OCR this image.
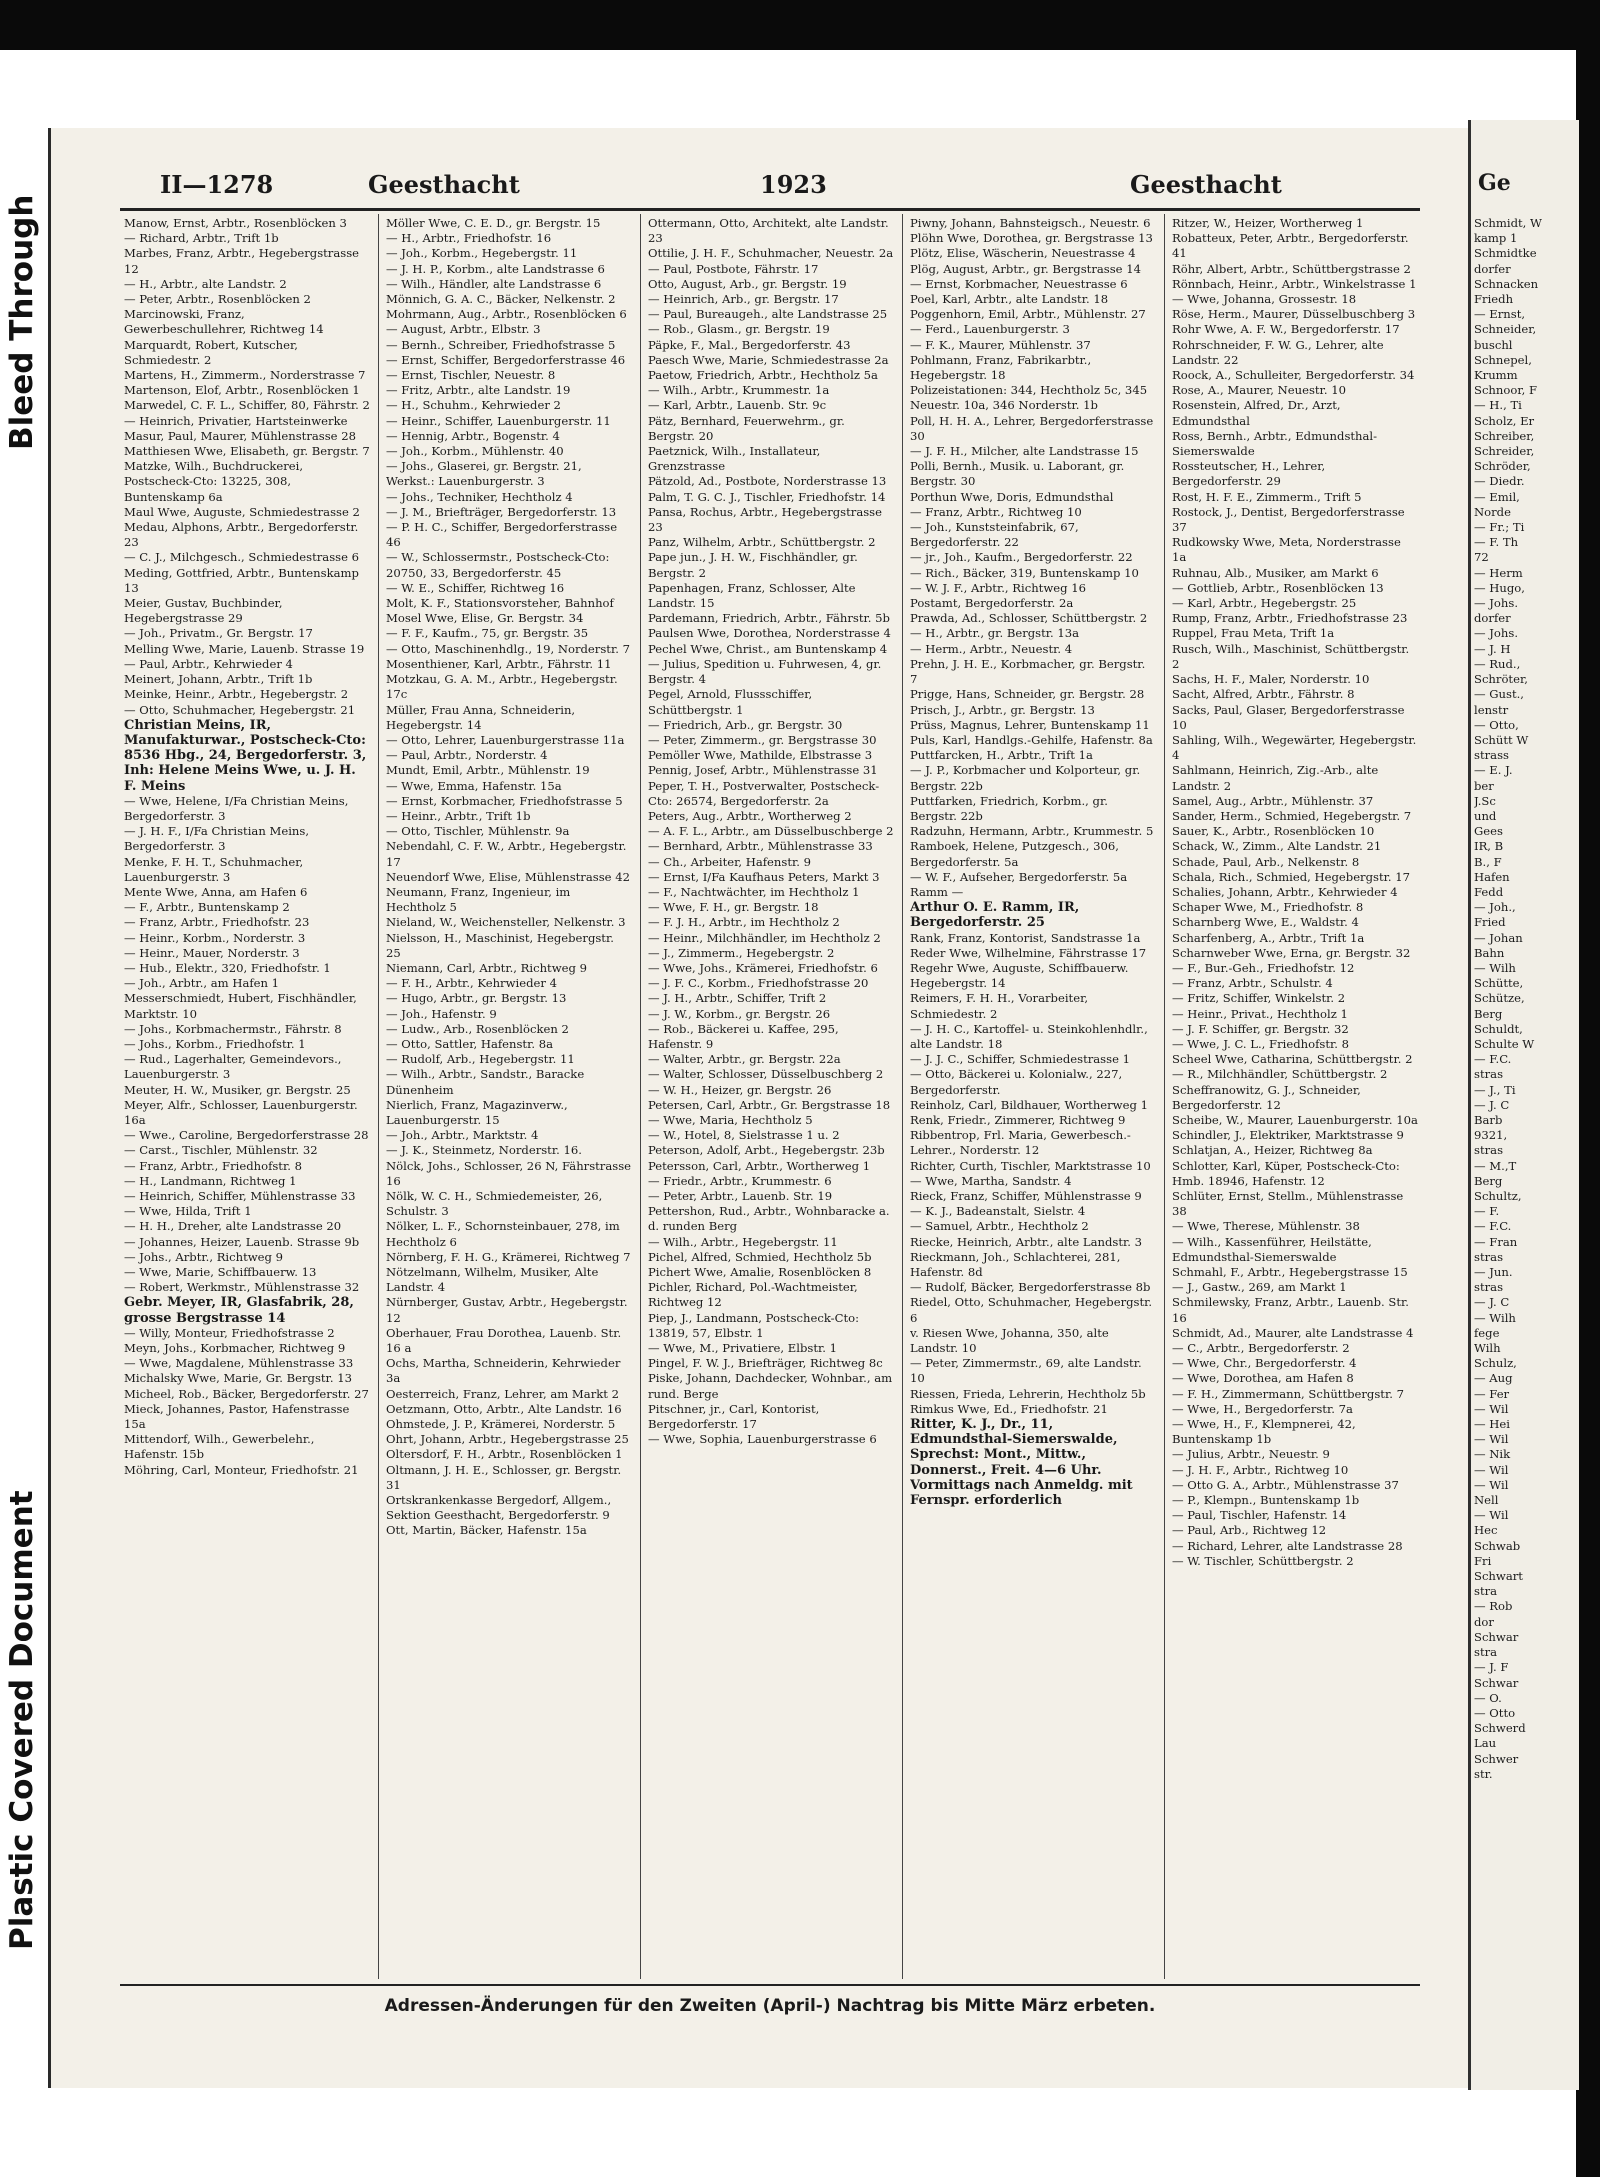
Bleed Through
Plastic Covered Document
II—1278	Geesthacht	1923	Geesthacht	Ge

Manow, Ernst, Arbtr., Rosenblöcken 3

— Richard, Arbtr., Trift 1b

Marbes, Franz, Arbtr., Hegebergstrasse 12

— H., Arbtr., alte Landstr. 2

— Peter, Arbtr., Rosenblöcken 2

Marcinowski, Franz, Gewerbeschullehrer, Richtweg 14

Marquardt, Robert, Kutscher, Schmiedestr. 2

Martens, H., Zimmerm., Norderstrasse 7

Martenson, Elof, Arbtr., Rosenblöcken 1

Marwedel, C. F. L., Schiffer, 80, Fährstr. 2

— Heinrich, Privatier, Hartsteinwerke

Masur, Paul, Maurer, Mühlenstrasse 28

Matthiesen Wwe, Elisabeth, gr. Bergstr. 7

Matzke, Wilh., Buchdruckerei, Postscheck-Cto: 13225, 308, Buntenskamp 6a

Maul Wwe, Auguste, Schmiedestrasse 2

Medau, Alphons, Arbtr., Bergedorferstr. 23

— C. J., Milchgesch., Schmiedestrasse 6

Meding, Gottfried, Arbtr., Buntenskamp 13

Meier, Gustav, Buchbinder, Hegebergstrasse 29

— Joh., Privatm., Gr. Bergstr. 17

Melling Wwe, Marie, Lauenb. Strasse 19

— Paul, Arbtr., Kehrwieder 4

Meinert, Johann, Arbtr., Trift 1b

Meinke, Heinr., Arbtr., Hegebergstr. 2

— Otto, Schuhmacher, Hegebergstr. 21

Christian Meins, IR, Manufakturwar., Postscheck-Cto: 8536 Hbg., 24, Bergedorferstr. 3, Inh: Helene Meins Wwe, u. J. H. F. Meins

— Wwe, Helene, I/Fa Christian Meins, Bergedorferstr. 3

— J. H. F., I/Fa Christian Meins, Bergedorferstr. 3

Menke, F. H. T., Schuhmacher, Lauenburgerstr. 3

Mente Wwe, Anna, am Hafen 6

— F., Arbtr., Buntenskamp 2

— Franz, Arbtr., Friedhofstr. 23

— Heinr., Korbm., Norderstr. 3

— Heinr., Mauer, Norderstr. 3

— Hub., Elektr., 320, Friedhofstr. 1

— Joh., Arbtr., am Hafen 1

Messerschmiedt, Hubert, Fischhändler, Marktstr. 10

— Johs., Korbmachermstr., Fährstr. 8

— Johs., Korbm., Friedhofstr. 1

— Rud., Lagerhalter, Gemeindevors., Lauenburgerstr. 3

Meuter, H. W., Musiker, gr. Bergstr. 25

Meyer, Alfr., Schlosser, Lauenburgerstr. 16a

— Wwe., Caroline, Bergedorferstrasse 28

— Carst., Tischler, Mühlenstr. 32

— Franz, Arbtr., Friedhofstr. 8

— H., Landmann, Richtweg 1

— Heinrich, Schiffer, Mühlenstrasse 33

— Wwe, Hilda, Trift 1

— H. H., Dreher, alte Landstrasse 20

— Johannes, Heizer, Lauenb. Strasse 9b

— Johs., Arbtr., Richtweg 9

— Wwe, Marie, Schiffbauerw. 13

— Robert, Werkmstr., Mühlenstrasse 32

Gebr. Meyer, IR, Glasfabrik, 28, grosse Bergstrasse 14

— Willy, Monteur, Friedhofstrasse 2

Meyn, Johs., Korbmacher, Richtweg 9

— Wwe, Magdalene, Mühlenstrasse 33

Michalsky Wwe, Marie, Gr. Bergstr. 13

Micheel, Rob., Bäcker, Bergedorferstr. 27

Mieck, Johannes, Pastor, Hafenstrasse 15a

Mittendorf, Wilh., Gewerbelehr., Hafenstr. 15b

Möhring, Carl, Monteur, Friedhofstr. 21

Möller Wwe, C. E. D., gr. Bergstr. 15

— H., Arbtr., Friedhofstr. 16

— Joh., Korbm., Hegebergstr. 11

— J. H. P., Korbm., alte Landstrasse 6

— Wilh., Händler, alte Landstrasse 6

Mönnich, G. A. C., Bäcker, Nelkenstr. 2

Mohrmann, Aug., Arbtr., Rosenblöcken 6

— August, Arbtr., Elbstr. 3

— Bernh., Schreiber, Friedhofstrasse 5

— Ernst, Schiffer, Bergedorferstrasse 46

— Ernst, Tischler, Neuestr. 8

— Fritz, Arbtr., alte Landstr. 19

— H., Schuhm., Kehrwieder 2

— Heinr., Schiffer, Lauenburgerstr. 11

— Hennig, Arbtr., Bogenstr. 4

— Joh., Korbm., Mühlenstr. 40

— Johs., Glaserei, gr. Bergstr. 21, Werkst.: Lauenburgerstr. 3

— Johs., Techniker, Hechtholz 4

— J. M., Briefträger, Bergedorferstr. 13

— P. H. C., Schiffer, Bergedorferstrasse 46

— W., Schlossermstr., Postscheck-Cto: 20750, 33, Bergedorferstr. 45

— W. E., Schiffer, Richtweg 16

Molt, K. F., Stationsvorsteher, Bahnhof

Mosel Wwe, Elise, Gr. Bergstr. 34

— F. F., Kaufm., 75, gr. Bergstr. 35

— Otto, Maschinenhdlg., 19, Norderstr. 7

Mosenthiener, Karl, Arbtr., Fährstr. 11

Motzkau, G. A. M., Arbtr., Hegebergstr. 17c

Müller, Frau Anna, Schneiderin, Hegebergstr. 14

— Otto, Lehrer, Lauenburgerstrasse 11a

— Paul, Arbtr., Norderstr. 4

Mundt, Emil, Arbtr., Mühlenstr. 19

— Wwe, Emma, Hafenstr. 15a

— Ernst, Korbmacher, Friedhofstrasse 5

— Heinr., Arbtr., Trift 1b

— Otto, Tischler, Mühlenstr. 9a

Nebendahl, C. F. W., Arbtr., Hegebergstr. 17

Neuendorf Wwe, Elise, Mühlenstrasse 42

Neumann, Franz, Ingenieur, im Hechtholz 5

Nieland, W., Weichensteller, Nelkenstr. 3

Nielsson, H., Maschinist, Hegebergstr. 25

Niemann, Carl, Arbtr., Richtweg 9

— F. H., Arbtr., Kehrwieder 4

— Hugo, Arbtr., gr. Bergstr. 13

— Joh., Hafenstr. 9

— Ludw., Arb., Rosenblöcken 2

— Otto, Sattler, Hafenstr. 8a

— Rudolf, Arb., Hegebergstr. 11

— Wilh., Arbtr., Sandstr., Baracke Dünenheim

Nierlich, Franz, Magazinverw., Lauenburgerstr. 15

— Joh., Arbtr., Marktstr. 4

— J. K., Steinmetz, Norderstr. 16.

Nölck, Johs., Schlosser, 26 N, Fährstrasse 16

Nölk, W. C. H., Schmiedemeister, 26, Schulstr. 3

Nölker, L. F., Schornsteinbauer, 278, im Hechtholz 6

Nörnberg, F. H. G., Krämerei, Richtweg 7

Nötzelmann, Wilhelm, Musiker, Alte Landstr. 4

Nürnberger, Gustav, Arbtr., Hegebergstr. 12

Oberhauer, Frau Dorothea, Lauenb. Str. 16 a

Ochs, Martha, Schneiderin, Kehrwieder 3a

Oesterreich, Franz, Lehrer, am Markt 2

Oetzmann, Otto, Arbtr., Alte Landstr. 16

Ohmstede, J. P., Krämerei, Norderstr. 5

Ohrt, Johann, Arbtr., Hegebergstrasse 25

Oltersdorf, F. H., Arbtr., Rosenblöcken 1

Oltmann, J. H. E., Schlosser, gr. Bergstr. 31

Ortskrankenkasse Bergedorf, Allgem., Sektion Geesthacht, Bergedorferstr. 9

Ott, Martin, Bäcker, Hafenstr. 15a

Ottermann, Otto, Architekt, alte Landstr. 23

Ottilie, J. H. F., Schuhmacher, Neuestr. 2a

— Paul, Postbote, Fährstr. 17

Otto, August, Arb., gr. Bergstr. 19

— Heinrich, Arb., gr. Bergstr. 17

— Paul, Bureaugeh., alte Landstrasse 25

— Rob., Glasm., gr. Bergstr. 19

Päpke, F., Mal., Bergedorferstr. 43

Paesch Wwe, Marie, Schmiedestrasse 2a

Paetow, Friedrich, Arbtr., Hechtholz 5a

— Wilh., Arbtr., Krummestr. 1a

— Karl, Arbtr., Lauenb. Str. 9c

Pätz, Bernhard, Feuerwehrm., gr. Bergstr. 20

Paetznick, Wilh., Installateur, Grenzstrasse

Pätzold, Ad., Postbote, Norderstrasse 13

Palm, T. G. C. J., Tischler, Friedhofstr. 14

Pansa, Rochus, Arbtr., Hegebergstrasse 23

Panz, Wilhelm, Arbtr., Schüttbergstr. 2

Pape jun., J. H. W., Fischhändler, gr. Bergstr. 2

Papenhagen, Franz, Schlosser, Alte Landstr. 15

Pardemann, Friedrich, Arbtr., Fährstr. 5b

Paulsen Wwe, Dorothea, Norderstrasse 4

Pechel Wwe, Christ., am Buntenskamp 4

— Julius, Spedition u. Fuhrwesen, 4, gr. Bergstr. 4

Pegel, Arnold, Flussschiffer, Schüttbergstr. 1

— Friedrich, Arb., gr. Bergstr. 30

— Peter, Zimmerm., gr. Bergstrasse 30

Pemöller Wwe, Mathilde, Elbstrasse 3

Pennig, Josef, Arbtr., Mühlenstrasse 31

Peper, T. H., Postverwalter, Postscheck-Cto: 26574, Bergedorferstr. 2a

Peters, Aug., Arbtr., Wortherweg 2

— A. F. L., Arbtr., am Düsselbuschberge 2

— Bernhard, Arbtr., Mühlenstrasse 33

— Ch., Arbeiter, Hafenstr. 9

— Ernst, I/Fa Kaufhaus Peters, Markt 3

— F., Nachtwächter, im Hechtholz 1

— Wwe, F. H., gr. Bergstr. 18

— F. J. H., Arbtr., im Hechtholz 2

— Heinr., Milchhändler, im Hechtholz 2

— J., Zimmerm., Hegebergstr. 2

— Wwe, Johs., Krämerei, Friedhofstr. 6

— J. F. C., Korbm., Friedhofstrasse 20

— J. H., Arbtr., Schiffer, Trift 2

— J. W., Korbm., gr. Bergstr. 26

— Rob., Bäckerei u. Kaffee, 295, Hafenstr. 9

— Walter, Arbtr., gr. Bergstr. 22a

— Walter, Schlosser, Düsselbuschberg 2

— W. H., Heizer, gr. Bergstr. 26

Petersen, Carl, Arbtr., Gr. Bergstrasse 18

— Wwe, Maria, Hechtholz 5

— W., Hotel, 8, Sielstrasse 1 u. 2

Peterson, Adolf, Arbt., Hegebergstr. 23b

Petersson, Carl, Arbtr., Wortherweg 1

— Friedr., Arbtr., Krummestr. 6

— Peter, Arbtr., Lauenb. Str. 19

Pettershon, Rud., Arbtr., Wohnbaracke a. d. runden Berg

— Wilh., Arbtr., Hegebergstr. 11

Pichel, Alfred, Schmied, Hechtholz 5b

Pichert Wwe, Amalie, Rosenblöcken 8

Pichler, Richard, Pol.-Wachtmeister, Richtweg 12

Piep, J., Landmann, Postscheck-Cto: 13819, 57, Elbstr. 1

— Wwe, M., Privatiere, Elbstr. 1

Pingel, F. W. J., Briefträger, Richtweg 8c

Piske, Johann, Dachdecker, Wohnbar., am rund. Berge

Pitschner, jr., Carl, Kontorist, Bergedorferstr. 17

— Wwe, Sophia, Lauenburgerstrasse 6

Piwny, Johann, Bahnsteigsch., Neuestr. 6

Plöhn Wwe, Dorothea, gr. Bergstrasse 13

Plötz, Elise, Wäscherin, Neuestrasse 4

Plög, August, Arbtr., gr. Bergstrasse 14

— Ernst, Korbmacher, Neuestrasse 6

Poel, Karl, Arbtr., alte Landstr. 18

Poggenhorn, Emil, Arbtr., Mühlenstr. 27

— Ferd., Lauenburgerstr. 3

— F. K., Maurer, Mühlenstr. 37

Pohlmann, Franz, Fabrikarbtr., Hegebergstr. 18

Polizeistationen: 344, Hechtholz 5c, 345 Neuestr. 10a, 346 Norderstr. 1b

Poll, H. H. A., Lehrer, Bergedorferstrasse 30

— J. F. H., Milcher, alte Landstrasse 15

Polli, Bernh., Musik. u. Laborant, gr. Bergstr. 30

Porthun Wwe, Doris, Edmundsthal

— Franz, Arbtr., Richtweg 10

— Joh., Kunststeinfabrik, 67, Bergedorferstr. 22

— jr., Joh., Kaufm., Bergedorferstr. 22

— Rich., Bäcker, 319, Buntenskamp 10

— W. J. F., Arbtr., Richtweg 16

Postamt, Bergedorferstr. 2a

Prawda, Ad., Schlosser, Schüttbergstr. 2

— H., Arbtr., gr. Bergstr. 13a

— Herm., Arbtr., Neuestr. 4

Prehn, J. H. E., Korbmacher, gr. Bergstr. 7

Prigge, Hans, Schneider, gr. Bergstr. 28

Prisch, J., Arbtr., gr. Bergstr. 13

Prüss, Magnus, Lehrer, Buntenskamp 11

Puls, Karl, Handlgs.-Gehilfe, Hafenstr. 8a

Puttfarcken, H., Arbtr., Trift 1a

— J. P., Korbmacher und Kolporteur, gr. Bergstr. 22b

Puttfarken, Friedrich, Korbm., gr. Bergstr. 22b

Radzuhn, Hermann, Arbtr., Krummestr. 5

Ramboek, Helene, Putzgesch., 306, Bergedorferstr. 5a

— W. F., Aufseher, Bergedorferstr. 5a

Ramm —

Arthur O. E. Ramm, IR, Bergedorferstr. 25

Rank, Franz, Kontorist, Sandstrasse 1a

Reder Wwe, Wilhelmine, Fährstrasse 17

Regehr Wwe, Auguste, Schiffbauerw. Hegebergstr. 14

Reimers, F. H. H., Vorarbeiter, Schmiedestr. 2

— J. H. C., Kartoffel- u. Steinkohlenhdlr., alte Landstr. 18

— J. J. C., Schiffer, Schmiedestrasse 1

— Otto, Bäckerei u. Kolonialw., 227, Bergedorferstr.

Reinholz, Carl, Bildhauer, Wortherweg 1

Renk, Friedr., Zimmerer, Richtweg 9

Ribbentrop, Frl. Maria, Gewerbesch.-Lehrer., Norderstr. 12

Richter, Curth, Tischler, Marktstrasse 10

— Wwe, Martha, Sandstr. 4

Rieck, Franz, Schiffer, Mühlenstrasse 9

— K. J., Badeanstalt, Sielstr. 4

— Samuel, Arbtr., Hechtholz 2

Riecke, Heinrich, Arbtr., alte Landstr. 3

Rieckmann, Joh., Schlachterei, 281, Hafenstr. 8d

— Rudolf, Bäcker, Bergedorferstrasse 8b

Riedel, Otto, Schuhmacher, Hegebergstr. 6

v. Riesen Wwe, Johanna, 350, alte Landstr. 10

— Peter, Zimmermstr., 69, alte Landstr. 10

Riessen, Frieda, Lehrerin, Hechtholz 5b

Rimkus Wwe, Ed., Friedhofstr. 21

Ritter, K. J., Dr., 11, Edmundsthal-Siemerswalde, Sprechst: Mont., Mittw., Donnerst., Freit. 4—6 Uhr. Vormittags nach Anmeldg. mit Fernspr. erforderlich

Ritzer, W., Heizer, Wortherweg 1

Robatteux, Peter, Arbtr., Bergedorferstr. 41

Röhr, Albert, Arbtr., Schüttbergstrasse 2

Rönnbach, Heinr., Arbtr., Winkelstrasse 1

— Wwe, Johanna, Grossestr. 18

Röse, Herm., Maurer, Düsselbuschberg 3

Rohr Wwe, A. F. W., Bergedorferstr. 17

Rohrschneider, F. W. G., Lehrer, alte Landstr. 22

Roock, A., Schulleiter, Bergedorferstr. 34

Rose, A., Maurer, Neuestr. 10

Rosenstein, Alfred, Dr., Arzt, Edmundsthal

Ross, Bernh., Arbtr., Edmundsthal-Siemerswalde

Rossteutscher, H., Lehrer, Bergedorferstr. 29

Rost, H. F. E., Zimmerm., Trift 5

Rostock, J., Dentist, Bergedorferstrasse 37

Rudkowsky Wwe, Meta, Norderstrasse 1a

Ruhnau, Alb., Musiker, am Markt 6

— Gottlieb, Arbtr., Rosenblöcken 13

— Karl, Arbtr., Hegebergstr. 25

Rump, Franz, Arbtr., Friedhofstrasse 23

Ruppel, Frau Meta, Trift 1a

Rusch, Wilh., Maschinist, Schüttbergstr. 2

Sachs, H. F., Maler, Norderstr. 10

Sacht, Alfred, Arbtr., Fährstr. 8

Sacks, Paul, Glaser, Bergedorferstrasse 10

Sahling, Wilh., Wegewärter, Hegebergstr. 4

Sahlmann, Heinrich, Zig.-Arb., alte Landstr. 2

Samel, Aug., Arbtr., Mühlenstr. 37

Sander, Herm., Schmied, Hegebergstr. 7

Sauer, K., Arbtr., Rosenblöcken 10

Schack, W., Zimm., Alte Landstr. 21

Schade, Paul, Arb., Nelkenstr. 8

Schala, Rich., Schmied, Hegebergstr. 17

Schalies, Johann, Arbtr., Kehrwieder 4

Schaper Wwe, M., Friedhofstr. 8

Scharnberg Wwe, E., Waldstr. 4

Scharfenberg, A., Arbtr., Trift 1a

Scharnweber Wwe, Erna, gr. Bergstr. 32

— F., Bur.-Geh., Friedhofstr. 12

— Franz, Arbtr., Schulstr. 4

— Fritz, Schiffer, Winkelstr. 2

— Heinr., Privat., Hechtholz 1

— J. F. Schiffer, gr. Bergstr. 32

— Wwe, J. C. L., Friedhofstr. 8

Scheel Wwe, Catharina, Schüttbergstr. 2

— R., Milchhändler, Schüttbergstr. 2

Scheffranowitz, G. J., Schneider, Bergedorferstr. 12

Scheibe, W., Maurer, Lauenburgerstr. 10a

Schindler, J., Elektriker, Marktstrasse 9

Schlatjan, A., Heizer, Richtweg 8a

Schlotter, Karl, Küper, Postscheck-Cto: Hmb. 18946, Hafenstr. 12

Schlüter, Ernst, Stellm., Mühlenstrasse 38

— Wwe, Therese, Mühlenstr. 38

— Wilh., Kassenführer, Heilstätte, Edmundsthal-Siemerswalde

Schmahl, F., Arbtr., Hegebergstrasse 15

— J., Gastw., 269, am Markt 1

Schmilewsky, Franz, Arbtr., Lauenb. Str. 16

Schmidt, Ad., Maurer, alte Landstrasse 4

— C., Arbtr., Bergedorferstr. 2

— Wwe, Chr., Bergedorferstr. 4

— Wwe, Dorothea, am Hafen 8

— F. H., Zimmermann, Schüttbergstr. 7

— Wwe, H., Bergedorferstr. 7a

— Wwe, H., F., Klempnerei, 42, Buntenskamp 1b

— Julius, Arbtr., Neuestr. 9

— J. H. F., Arbtr., Richtweg 10

— Otto G. A., Arbtr., Mühlenstrasse 37

— P., Klempn., Buntenskamp 1b

— Paul, Tischler, Hafenstr. 14

— Paul, Arb., Richtweg 12

— Richard, Lehrer, alte Landstrasse 28

— W. Tischler, Schüttbergstr. 2

Schmidt, W

kamp 1

Schmidtke

dorfer

Schnacken

Friedh

— Ernst,

Schneider,

buschl

Schnepel,

Krumm

Schnoor, F

— H., Ti

Scholz, Er

Schreiber,

Schreider,

Schröder,

— Diedr.

— Emil,

Norde

— Fr.; Ti

— F. Th

72

— Herm

— Hugo,

— Johs.

dorfer

— Johs.

— J. H

— Rud.,

Schröter,

— Gust.,

lenstr

— Otto,

Schütt W

strass

— E. J.

ber

J.Sc

und

Gees

IR, B

B., F

Hafen

Fedd

— Joh.,

Fried

— Johan

Bahn

— Wilh

Schütte,

Schütze,

Berg

Schuldt,

Schulte W

— F.C.

stras

— J., Ti

— J. C

Barb

9321,

stras

— M.,T

Berg

Schultz,

— F.

— F.C.

— Fran

stras

— Jun.

stras

— J. C

— Wilh

fege

Wilh

Schulz,

— Aug

— Fer

— Wil

— Hei

— Wil

— Nik

— Wil

— Wil

Nell

— Wil

Hec

Schwab

Fri

Schwart

stra

— Rob

dor

Schwar

stra

— J. F

Schwar

— O.

— Otto

Schwerd

Lau

Schwer

str.

Adressen-Änderungen für den Zweiten (April-) Nachtrag bis Mitte März erbeten.
